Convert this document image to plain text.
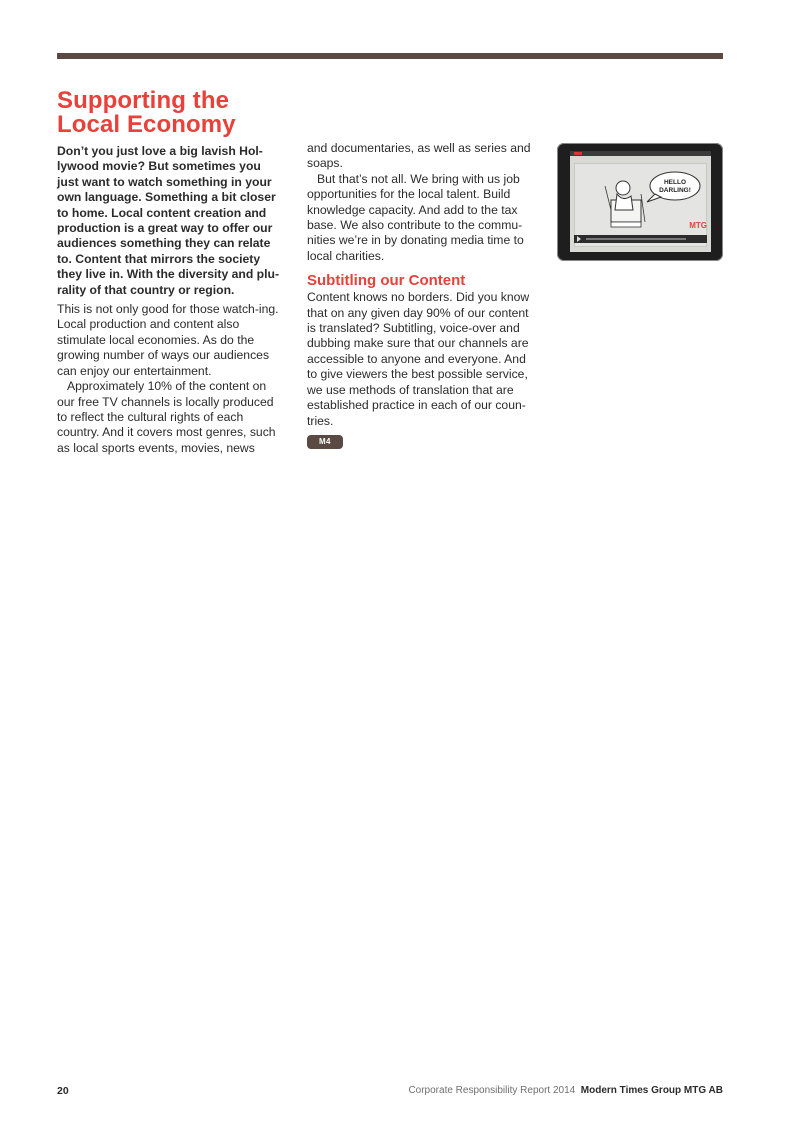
Supporting the Local Economy

Don’t you just love a big lavish Hol-lywood movie? But sometimes you just want to watch something in your own language. Something a bit closer to home. Local content creation and production is a great way to offer our audiences something they can relate to. Content that mirrors the society they live in. With the diversity and plu-rality of that country or region.

This is not only good for those watch-ing. Local production and content also stimulate local economies. As do the growing number of ways our audiences can enjoy our entertainment.

Approximately 10% of the content on our free TV channels is locally produced to reflect the cultural rights of each country. And it covers most genres, such as local sports events, movies, news

and documentaries, as well as series and soaps.

But that’s not all. We bring with us job opportunities for the local talent. Build knowledge capacity. And add to the tax base. We also contribute to the commu-nities we’re in by donating media time to local charities.

Subtitling our Content

Content knows no borders. Did you know that on any given day 90% of our content is translated? Subtitling, voice-over and dubbing make sure that our channels are accessible to anyone and everyone. And to give viewers the best possible service, we use methods of translation that are established practice in each of our coun-tries.

M4
HELLO
DARLING!
MTG
20	Corporate Responsibility Report 2014 Modern Times Group MTG AB
